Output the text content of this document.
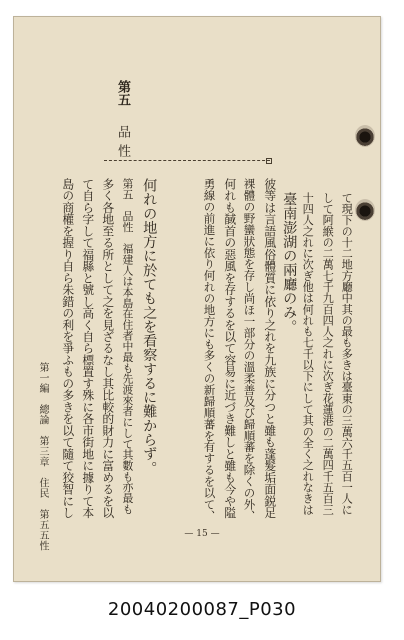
第五
品性
て現下の十二地方廳中其の最も多きは臺東の三萬六千五百一人に
して阿緱の二萬七千九百四人之れに次ぎ花蓮港の二萬四千五百三
十四人之れに次ぎ他は何れも七千以下にして其の全く之れなきは
臺南澎湖の兩廳のみ。
彼等は言語風俗體質に依り之れを九族に分つと雖も蓬髮垢面鋭足
裸體の野蠻狀態を存し尚ほ一部分の溫柔善及び歸順蕃を除くの外、
何れも馘首の惡風を存するを以て容易に近づき難しと雖も今や隘
勇線の前進に依り何れの地方にも多くの新歸順蕃を有するを以て、
何れの地方に於ても之を看察するに難からず。
第五　品性　福建人は本島在住者中最も先渡來者にして其數も亦最も
多く各地至る所として之を見ざるなし其比較的財力に富めるを以
て自ら字して福縣と號し高く自ら標置す殊に各市街地に據りて本
島の商權を握り自ら朱錯の利を爭ふもの多きを以て隨て狡智にし
第一編　總論　第三章　住民　第五五性	— 15 —
20040200087_P030
